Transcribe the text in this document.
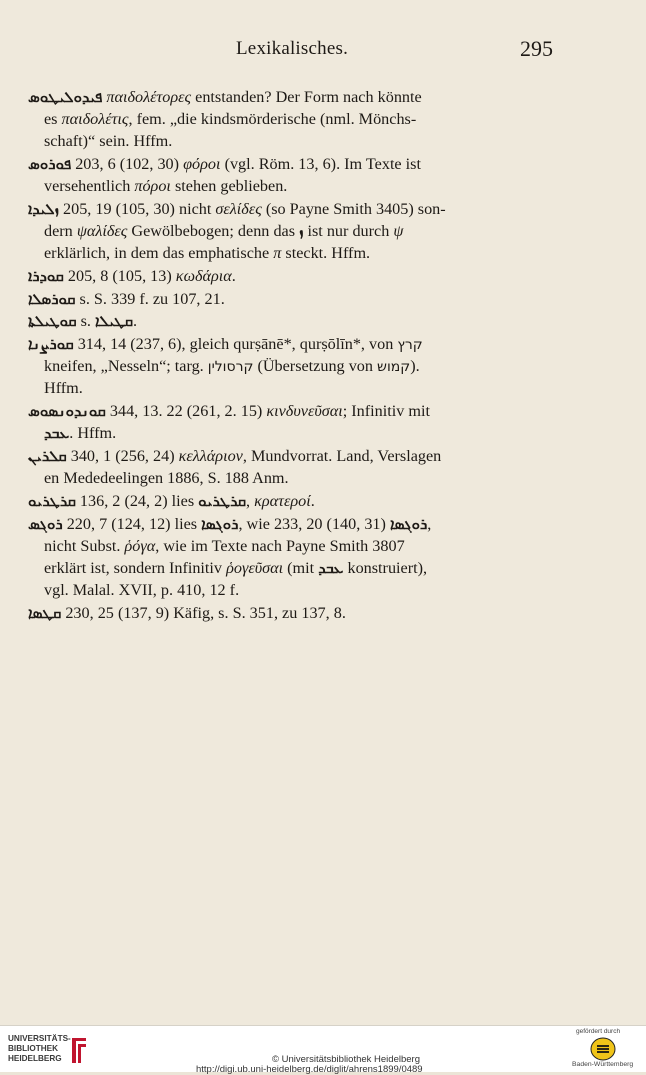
Lexikalisches.	295
ܦܝܕܘܠܝܛܘܣ παιδολέτορες entstanden? Der Form nach könnte
es παιδολέτις, fem. „die kindsmörderische (nml. Mönchs-
schaft)“ sein. Hffm.
ܦܘܪܘܣ 203, 6 (102, 30) φόροι (vgl. Röm. 13, 6). Im Texte ist
versehentlich πόροι stehen geblieben.
ܙܠܝܕܐ 205, 19 (105, 30) nicht σελίδες (so Payne Smith 3405) son-
dern ψαλίδες Gewölbebogen; denn das ܙ ist nur durch ψ
erklärlich, in dem das emphatische π steckt. Hffm.
ܩܘܕܪܐ 205, 8 (105, 13) κωδάρια.
ܩܘܪܣܠܐ s. S. 339 f. zu 107, 21.
ܩܘܛܝܠܬܐ s. ܩܛܝܠܐ.
ܩܘܪܨܢܐ 314, 14 (237, 6), gleich qurṣānē*, qurṣōlīn*, von קרץ
kneifen, „Nesseln“; targ. קרסולין (Übersetzung von קמוש).
Hffm.
ܩܘܢܕܘܢܣܘܣ 344, 13. 22 (261, 2. 15) κινδυνεῦσαι; Infinitiv mit
ܥܒܕ. Hffm.
ܩܠܪܝܢ 340, 1 (256, 24) κελλάριον, Mundvorrat. Land, Verslagen
en Mededeelingen 1886, S. 188 Anm.
ܩܪܛܪܝܘ 136, 2 (24, 2) lies ܩܪܛܪܝܘ, κρατεροί.
ܪܘܓܣ 220, 7 (124, 12) lies ܪܘܓܣܐ, wie 233, 20 (140, 31) ܪܘܓܣܐ,
nicht Subst. ῥόγα, wie im Texte nach Payne Smith 3807
erklärt ist, sondern Infinitiv ῥογεῦσαι (mit ܥܒܕ konstruiert),
vgl. Malal. XVII, p. 410, 12 f.
ܩܛܣܐ 230, 25 (137, 9) Käfig, s. S. 351, zu 137, 8.
UNIVERSITÄTS-
BIBLIOTHEK
HEIDELBERG	© Universitätsbibliothek Heidelberg
http://digi.ub.uni-heidelberg.de/diglit/ahrens1899/0489
gefördert durch
Baden-Württemberg
